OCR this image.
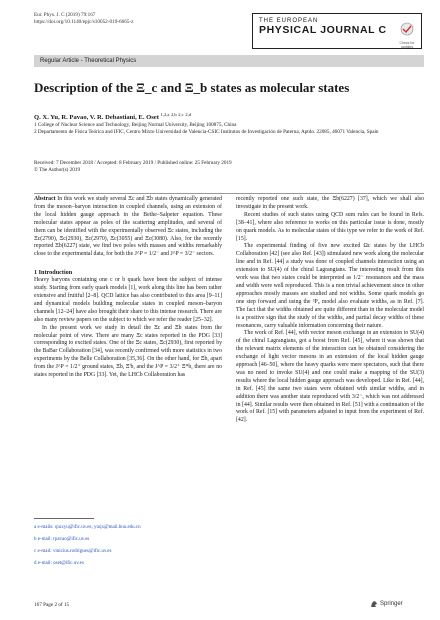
Eur. Phys. J. C (2019) 79:167
https://doi.org/10.1140/epjc/s10052-019-6665-z	THE EUROPEAN
PHYSICAL JOURNAL C
Check for updates
Regular Article - Theoretical Physics
Description of the Ξ_c and Ξ_b states as molecular states
Q. X. Yu, R. Pavao, V. R. Debastiani, E. Oset $^{1,2,a}$ $^{2,b}$ $^{2,c}$ $^{2,d}$
1 College of Nuclear Science and Technology, Beijing Normal University, Beijing 100875, China
2 Departamento de Física Teórica and IFIC, Centro Mixto Universidad de Valencia-CSIC Institutos de Investigación de Paterna, Aptdo. 22085, 46071 Valencia, Spain
Received: 7 December 2018 / Accepted: 8 February 2019 / Published online: 25 February 2019
© The Author(s) 2019

Abstract In this work we study several Ξc and Ξb states dynamically generated from the meson–baryon interaction in coupled channels, using an extension of the local hidden gauge approach in the Bethe–Salpeter equation. These molecular states appear as poles of the scattering amplitudes, and several of them can be identified with the experimentally observed Ξc states, including the Ξc(2790), Ξc(2930), Ξc(2970), Ξc(3055) and Ξc(3080). Also, for the recently reported Ξb(6227) state, we find two poles with masses and widths remarkably close to the experimental data, for both the J^P = 1/2⁻ and J^P = 3/2⁻ sectors.

1 Introduction

Heavy baryons containing one c or b quark have been the subject of intense study. Starting from early quark models [1], work along this line has been rather extensive and fruitful [2–8]. QCD lattice has also contributed to this area [9–11] and dynamical models building molecular states in coupled meson–baryon channels [12–24] have also brought their share to this intense research. There are also many review papers on the subject to which we refer the reader [25–32].

In the present work we study in detail the Ξc and Ξb states from the molecular point of view. There are many Ξc states reported in the PDG [33] corresponding to excited states. One of the Ξc states, Ξc(2930), first reported by the BaBar Collaboration [34], was recently confirmed with more statistics in two experiments by the Belle Collaboration [35,36]. On the other hand, for Ξb, apart from the J^P = 1/2⁺ ground states, Ξb, Ξ'b, and the J^P = 3/2⁺ Ξ*b, there are no states reported in the PDG [33]. Yet, the LHCb Collaboration has

recently reported one such state, the Ξb(6227) [37], which we shall also investigate in the present work.

Recent studies of such states using QCD sum rules can be found in Refs. [38–41], where also reference to works on this particular issue is done, mostly on quark models. As to molecular states of this type we refer to the work of Ref. [15].

The experimental finding of five new excited Ωc states by the LHCb Collaboration [42] (see also Ref. [43]) stimulated new work along the molecular line and in Ref. [44] a study was done of coupled channels interaction using an extension to SU(4) of the chiral Lagrangians. The interesting result from this work was that two states could be interpreted as 1/2⁻ resonances and the mass and width were well reproduced. This is a non trivial achievement since in other approaches mostly masses are studied and not widths. Some quark models go one step forward and using the ³P₀ model also evaluate widths, as in Ref. [7]. The fact that the widths obtained are quite different than in the molecular model is a positive sign that the study of the widths, and partial decay widths of these resonances, carry valuable information concerning their nature.

The work of Ref. [44], with vector meson exchange in an extension to SU(4) of the chiral Lagrangians, got a boost from Ref. [45], where it was shown that the relevant matrix elements of the interaction can be obtained considering the exchange of light vector mesons in an extension of the local hidden gauge approach [46–50], where the heavy quarks were mere spectators, such that there was no need to invoke SU(4) and one could make a mapping of the SU(3) results where the local hidden gauge approach was developed. Like in Ref. [44], in Ref. [45] the same two states were obtained with similar widths, and in addition there was another state reproduced with 3/2⁻, which was not addressed in [44]. Similar results were then obtained in Ref. [51] with a continuation of the work of Ref. [15] with parameters adjusted to input from the experiment of Ref. [42].

a e-mails: qiuxyu@ific.uv.es; yuqx@mail.bnu.edu.cn
b e-mail: rpavao@ific.uv.es
c e-mail: vinicius.rodrigues@ific.uv.es
d e-mail: oset@ific.uv.es
167 Page 2 of 15	Springer
